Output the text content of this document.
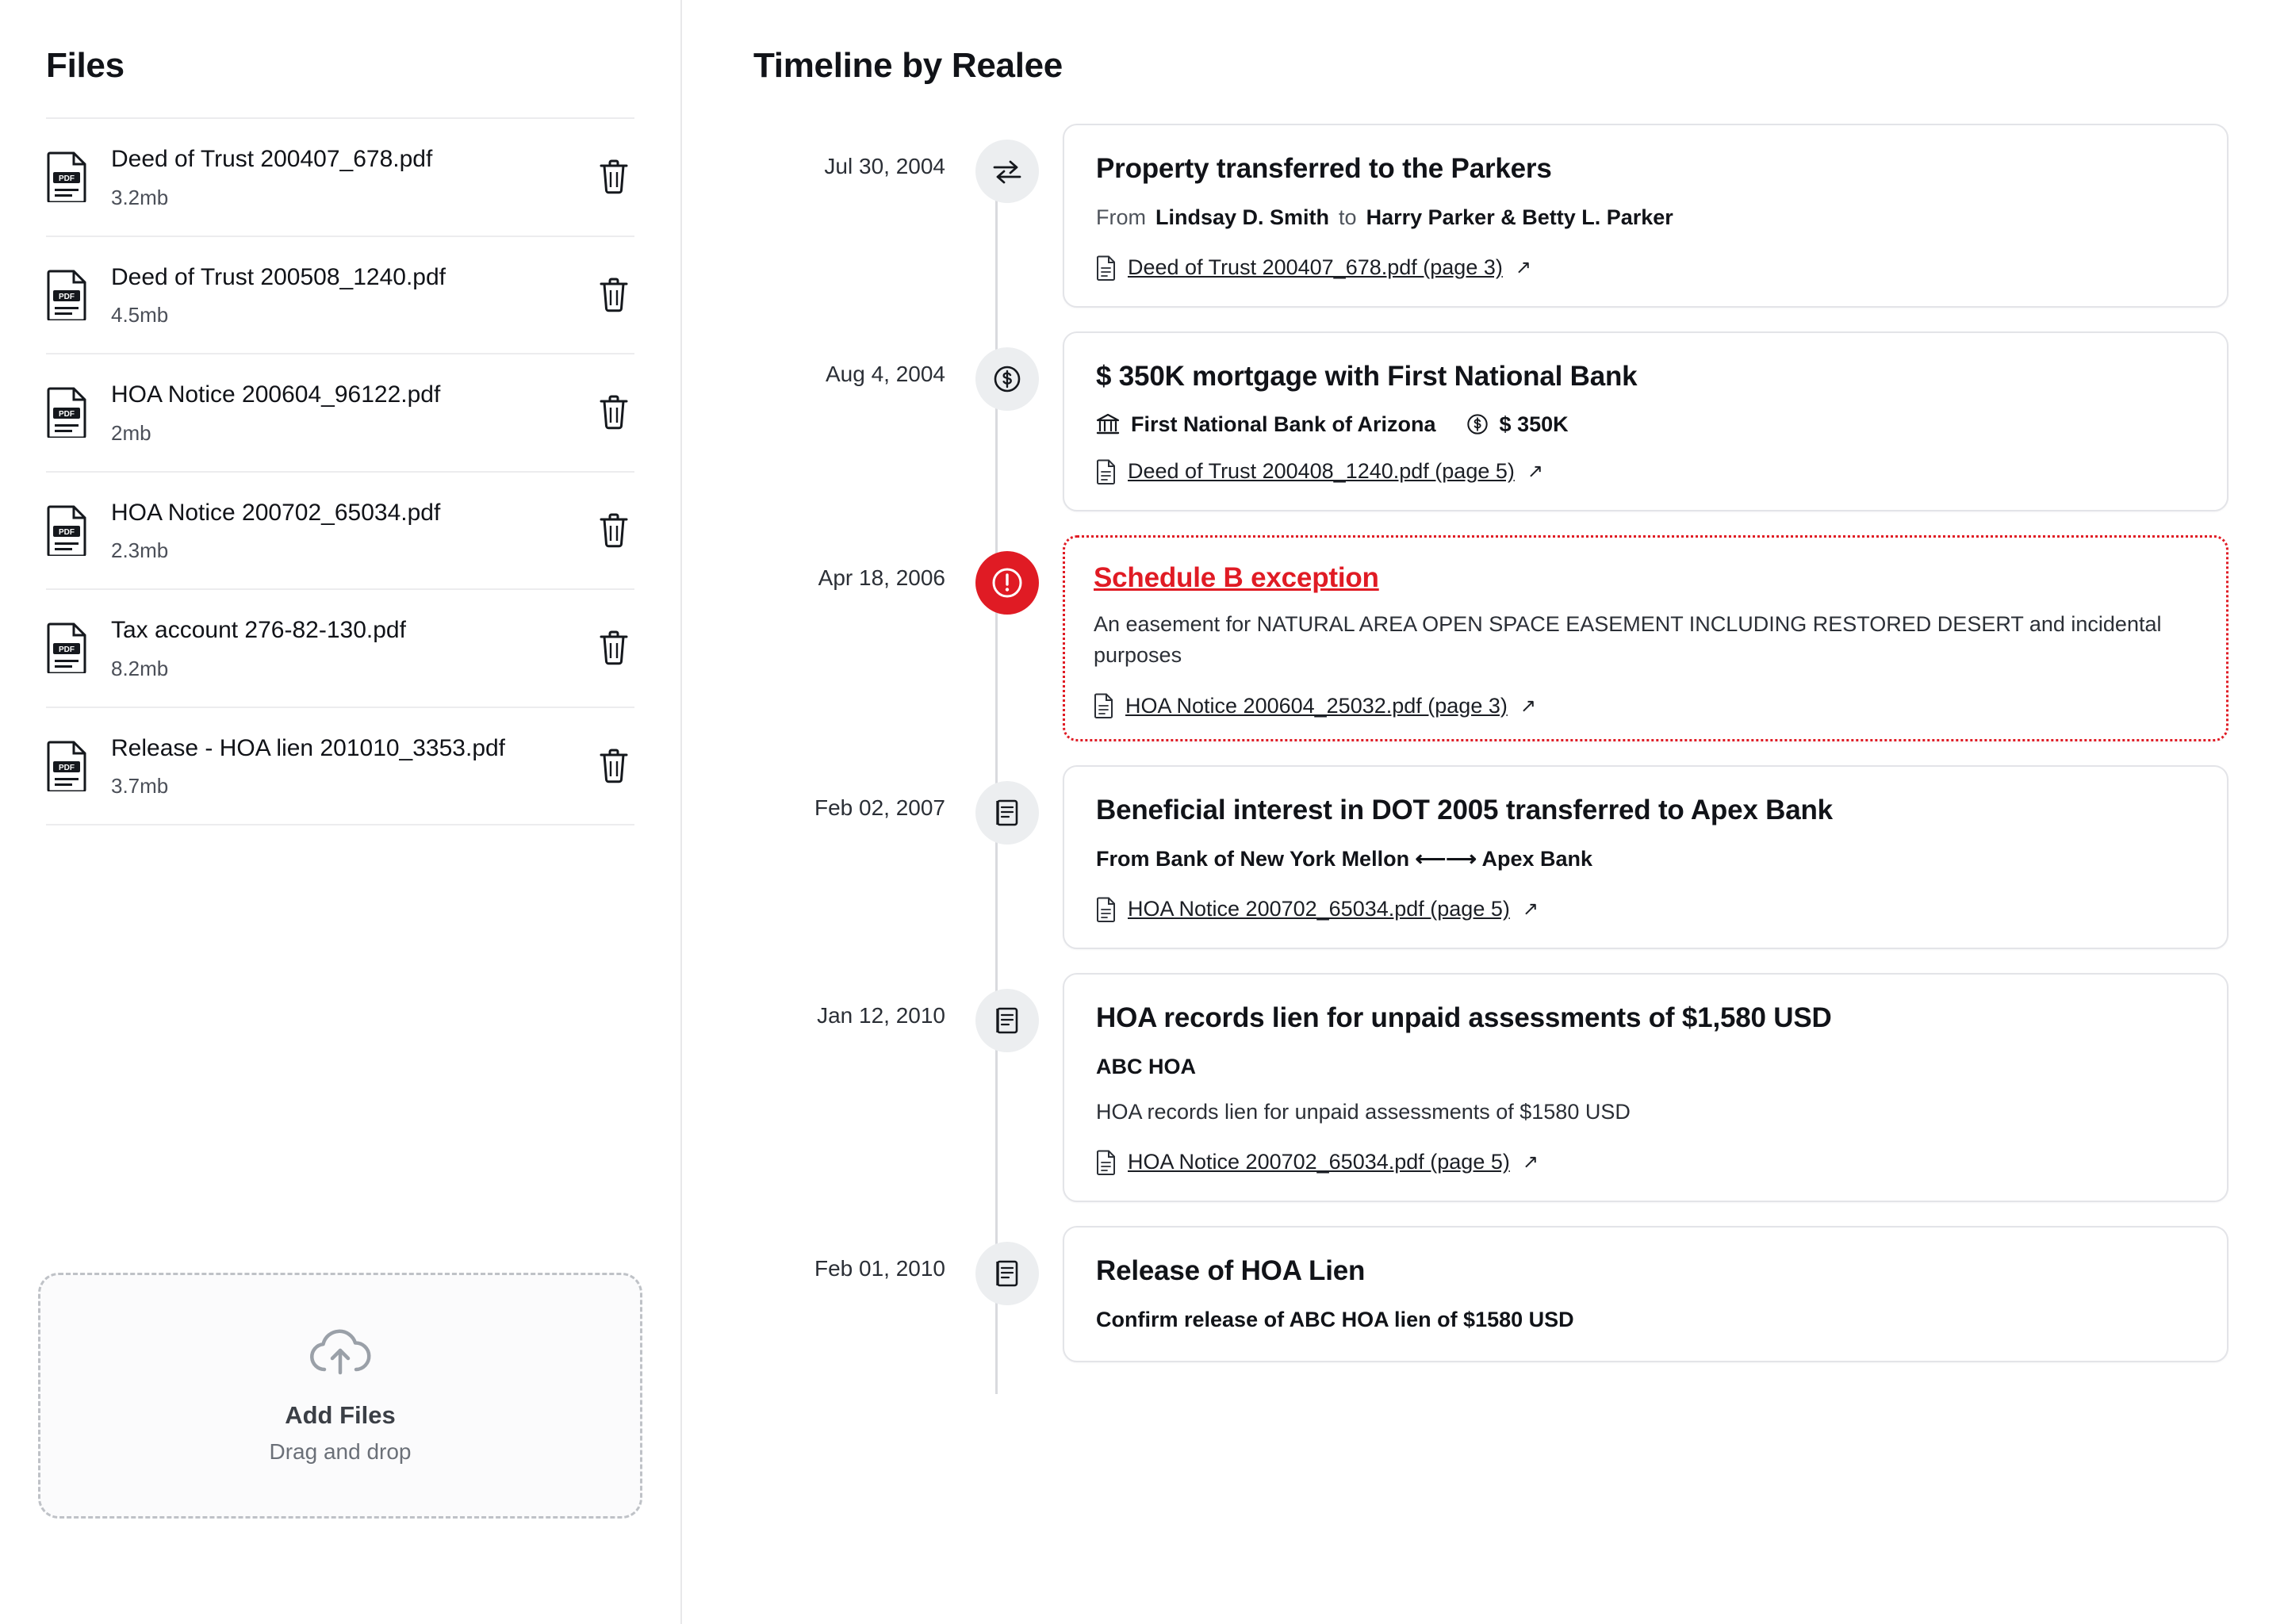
Files
PDF
Deed of Trust 200407_678.pdf
3.2mb
PDF
Deed of Trust 200508_1240.pdf
4.5mb
PDF
HOA Notice 200604_96122.pdf
2mb
PDF
HOA Notice 200702_65034.pdf
2.3mb
PDF
Tax account 276-82-130.pdf
8.2mb
PDF
Release - HOA lien 201010_3353.pdf
3.7mb
Add Files
Drag and drop
Timeline by Realee
Jul 30, 2004	Property transferred to the Parkers
From Lindsay D. Smith to Harry Parker & Betty L. Parker
Deed of Trust 200407_678.pdf (page 3) ↗
Aug 4, 2004	$ 350K mortgage with First National Bank
First National Bank of Arizona	$ 350K
Deed of Trust 200408_1240.pdf (page 5) ↗
Apr 18, 2006	Schedule B exception
An easement for NATURAL AREA OPEN SPACE EASEMENT INCLUDING RESTORED DESERT and incidental purposes
HOA Notice 200604_25032.pdf (page 3) ↗
Feb 02, 2007	Beneficial interest in DOT 2005 transferred to Apex Bank
From Bank of New York Mellon ⟵⟶ Apex Bank
HOA Notice 200702_65034.pdf (page 5) ↗
Jan 12, 2010	HOA records lien for unpaid assessments of $1,580 USD
ABC HOA
HOA records lien for unpaid assessments of $1580 USD
HOA Notice 200702_65034.pdf (page 5) ↗
Feb 01, 2010	Release of HOA Lien
Confirm release of ABC HOA lien of $1580 USD
